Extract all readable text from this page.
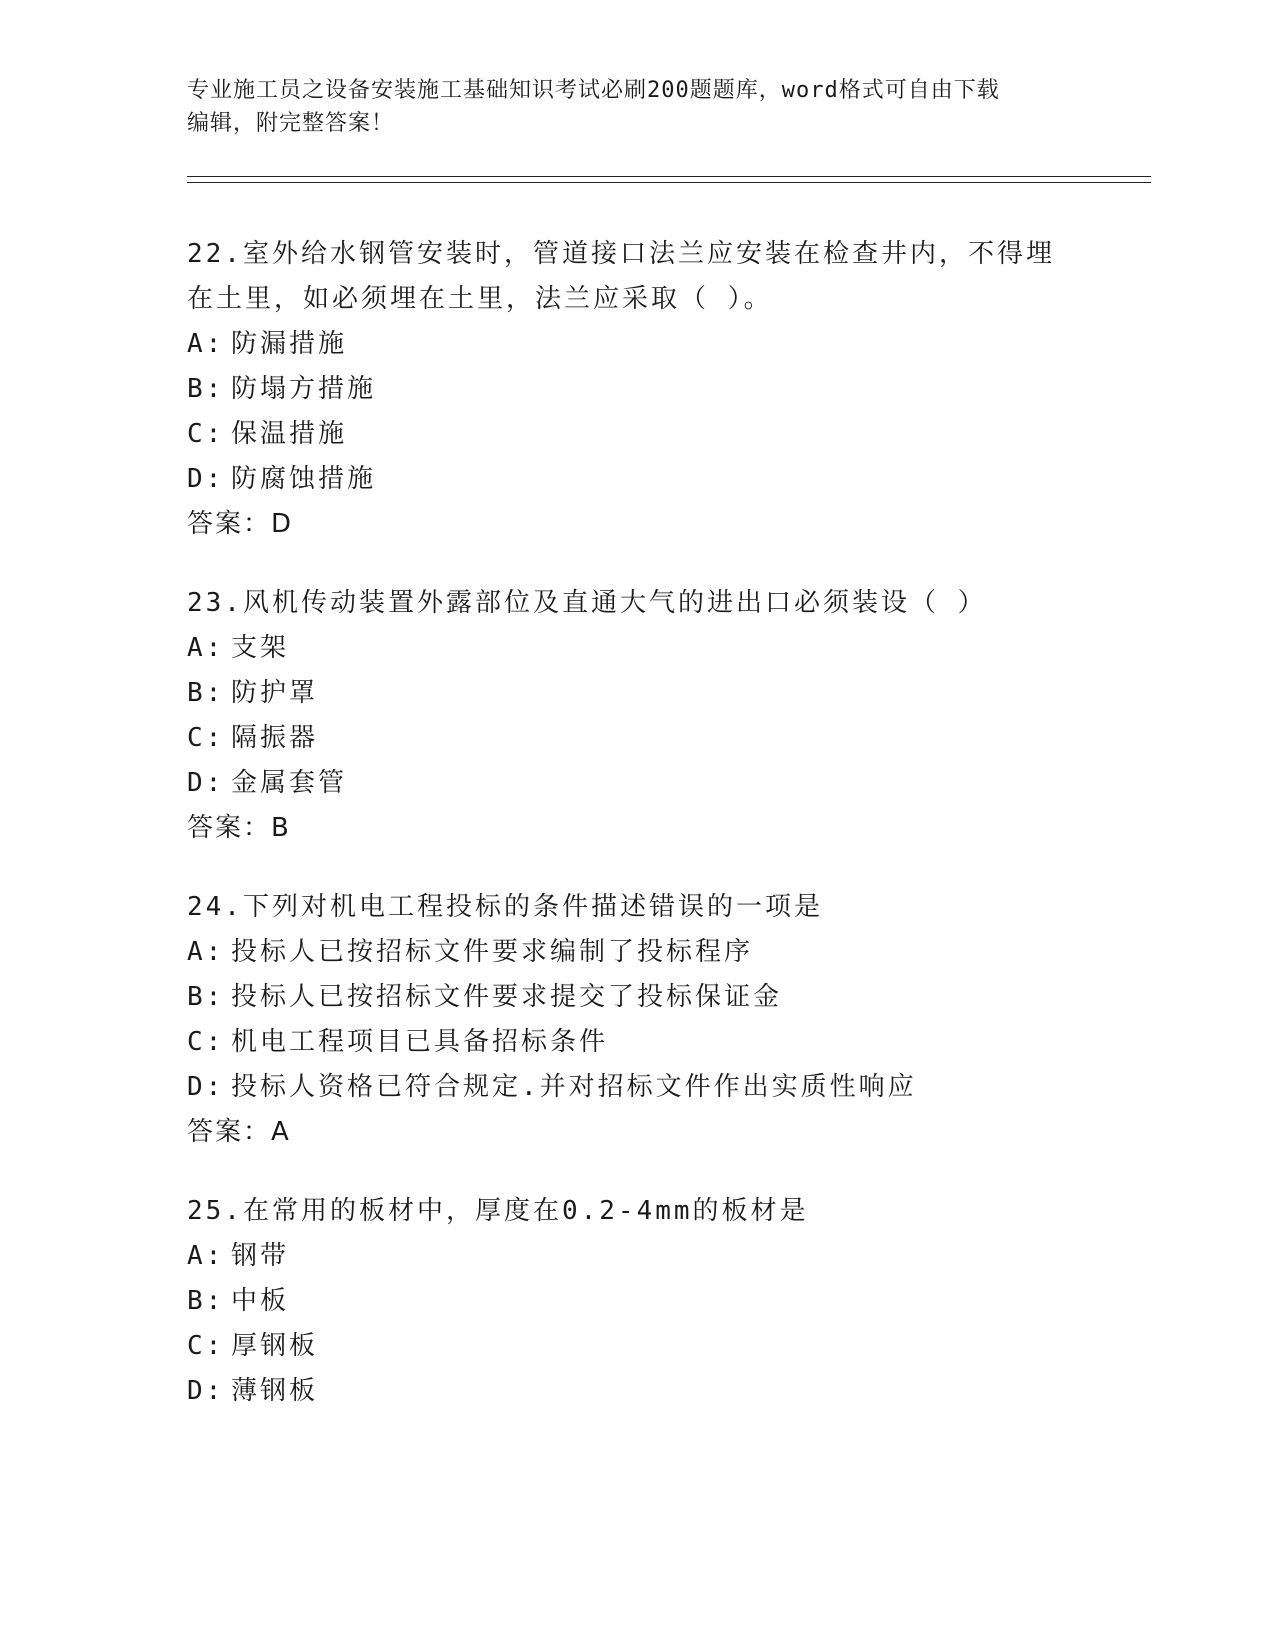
专业施工员之设备安装施工基础知识考试必刷200题题库，word格式可自由下载
编辑，附完整答案！
22.室外给水钢管安装时，管道接口法兰应安装在检查井内，不得埋在土里，如必须埋在土里，法兰应采取（ ）。
A: 防漏措施
B: 防塌方措施
C: 保温措施
D: 防腐蚀措施
答案：D
23.风机传动装置外露部位及直通大气的进出口必须装设（ ）
A: 支架
B: 防护罩
C: 隔振器
D: 金属套管
答案：B
24.下列对机电工程投标的条件描述错误的一项是
A: 投标人已按招标文件要求编制了投标程序
B: 投标人已按招标文件要求提交了投标保证金
C: 机电工程项目已具备招标条件
D: 投标人资格已符合规定.并对招标文件作出实质性响应
答案：A
25.在常用的板材中，厚度在0.2-4mm的板材是
A: 钢带
B: 中板
C: 厚钢板
D: 薄钢板
